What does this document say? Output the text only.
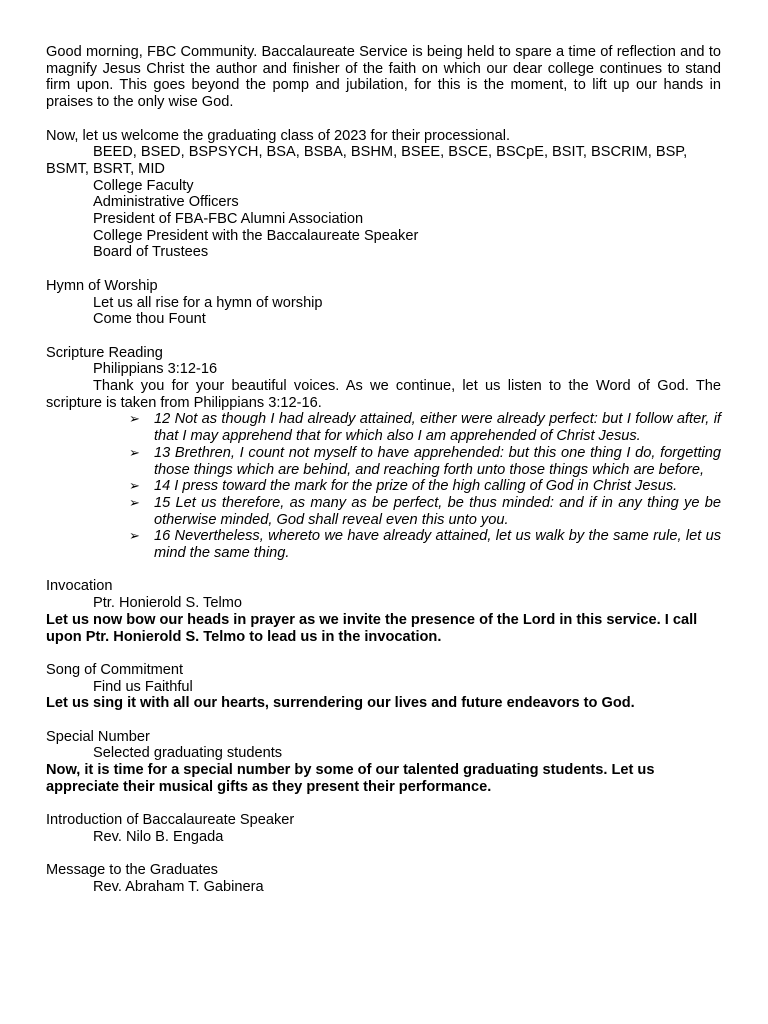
Good morning, FBC Community. Baccalaureate Service is being held to spare a time of reflection and to magnify Jesus Christ the author and finisher of the faith on which our dear college continues to stand firm upon. This goes beyond the pomp and jubilation, for this is the moment, to lift up our hands in praises to the only wise God.

Now, let us welcome the graduating class of 2023 for their processional.

BEED, BSED, BSPSYCH, BSA, BSBA, BSHM, BSEE, BSCE, BSCpE, BSIT, BSCRIM, BSP, BSMT, BSRT, MID

College Faculty

Administrative Officers

President of FBA-FBC Alumni Association

College President with the Baccalaureate Speaker

Board of Trustees

Hymn of Worship

Let us all rise for a hymn of worship

Come thou Fount

Scripture Reading

Philippians 3:12-16

Thank you for your beautiful voices. As we continue, let us listen to the Word of God. The scripture is taken from Philippians 3:12-16.

➢ 12 Not as though I had already attained, either were already perfect: but I follow after, if that I may apprehend that for which also I am apprehended of Christ Jesus.
➢ 13 Brethren, I count not myself to have apprehended: but this one thing I do, forgetting those things which are behind, and reaching forth unto those things which are before,
➢ 14 I press toward the mark for the prize of the high calling of God in Christ Jesus.
➢ 15 Let us therefore, as many as be perfect, be thus minded: and if in any thing ye be otherwise minded, God shall reveal even this unto you.
➢ 16 Nevertheless, whereto we have already attained, let us walk by the same rule, let us mind the same thing.

Invocation

Ptr. Honierold S. Telmo

Let us now bow our heads in prayer as we invite the presence of the Lord in this service. I call upon Ptr. Honierold S. Telmo to lead us in the invocation.

Song of Commitment

Find us Faithful

Let us sing it with all our hearts, surrendering our lives and future endeavors to God.

Special Number

Selected graduating students

Now, it is time for a special number by some of our talented graduating students. Let us appreciate their musical gifts as they present their performance.

Introduction of Baccalaureate Speaker

Rev. Nilo B. Engada

Message to the Graduates

Rev. Abraham T. Gabinera
